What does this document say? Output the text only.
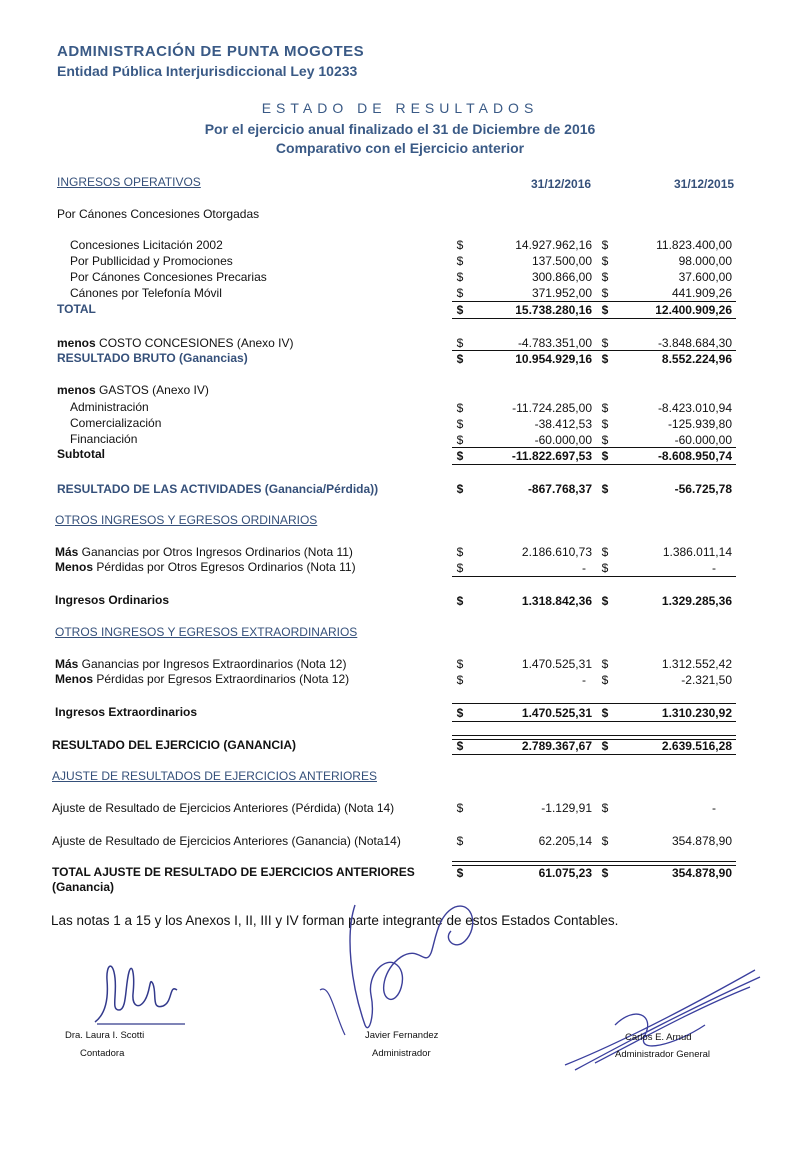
ADMINISTRACIÓN DE PUNTA MOGOTES
Entidad Pública Interjurisdiccional Ley 10233
ESTADO DE RESULTADOS
Por el ejercicio anual finalizado el 31 de Diciembre de 2016
Comparativo con el Ejercicio anterior
INGRESOS OPERATIVOS	31/12/2016	31/12/2015
Por Cánones Concesiones Otorgadas
Concesiones Licitación 2002	$	14.927.962,16 $	11.823.400,00
Por Publlicidad y Promociones	$	137.500,00 $	98.000,00
Por Cánones Concesiones Precarias	$	300.866,00 $	37.600,00
Cánones por Telefonía Móvil	$	371.952,00 $	441.909,26
TOTAL	$	15.738.280,16 $	12.400.909,26
menos COSTO CONCESIONES (Anexo IV)	$	-4.783.351,00 $	-3.848.684,30
RESULTADO BRUTO (Ganancias)	$	10.954.929,16 $	8.552.224,96
menos GASTOS (Anexo IV)
Administración	$	-11.724.285,00 $	-8.423.010,94
Comercialización	$	-38.412,53 $	-125.939,80
Financiación	$	-60.000,00 $	-60.000,00
Subtotal	$	-11.822.697,53 $	-8.608.950,74
RESULTADO DE LAS ACTIVIDADES (Ganancia/Pérdida))	$	-867.768,37 $	-56.725,78
OTROS INGRESOS Y EGRESOS ORDINARIOS
Más Ganancias por Otros Ingresos Ordinarios (Nota 11)	$	2.186.610,73 $	1.386.011,14
Menos Pérdidas por Otros Egresos Ordinarios (Nota 11)	$	- $	-
Ingresos Ordinarios	$	1.318.842,36 $	1.329.285,36
OTROS INGRESOS Y EGRESOS EXTRAORDINARIOS
Más Ganancias por Ingresos Extraordinarios (Nota 12)	$	1.470.525,31 $	1.312.552,42
Menos Pérdidas por Egresos Extraordinarios (Nota 12)	$	- $	-2.321,50
Ingresos Extraordinarios	$	1.470.525,31 $	1.310.230,92
RESULTADO DEL EJERCICIO (GANANCIA)	$	2.789.367,67 $	2.639.516,28
AJUSTE DE RESULTADOS DE EJERCICIOS ANTERIORES
Ajuste de Resultado de Ejercicios Anteriores (Pérdida) (Nota 14)	$	-1.129,91 $	-
Ajuste de Resultado de Ejercicios Anteriores (Ganancia) (Nota14)	$	62.205,14 $	354.878,90
TOTAL AJUSTE DE RESULTADO DE EJERCICIOS ANTERIORES
(Ganancia)
$	61.075,23 $	354.878,90
Las notas 1 a 15 y los Anexos I, II, III y IV forman parte integrante de estos Estados Contables.
Dra. Laura I. Scotti
Contadora
Javier Fernandez
Administrador
Carlos E. Arnud
Administrador General
